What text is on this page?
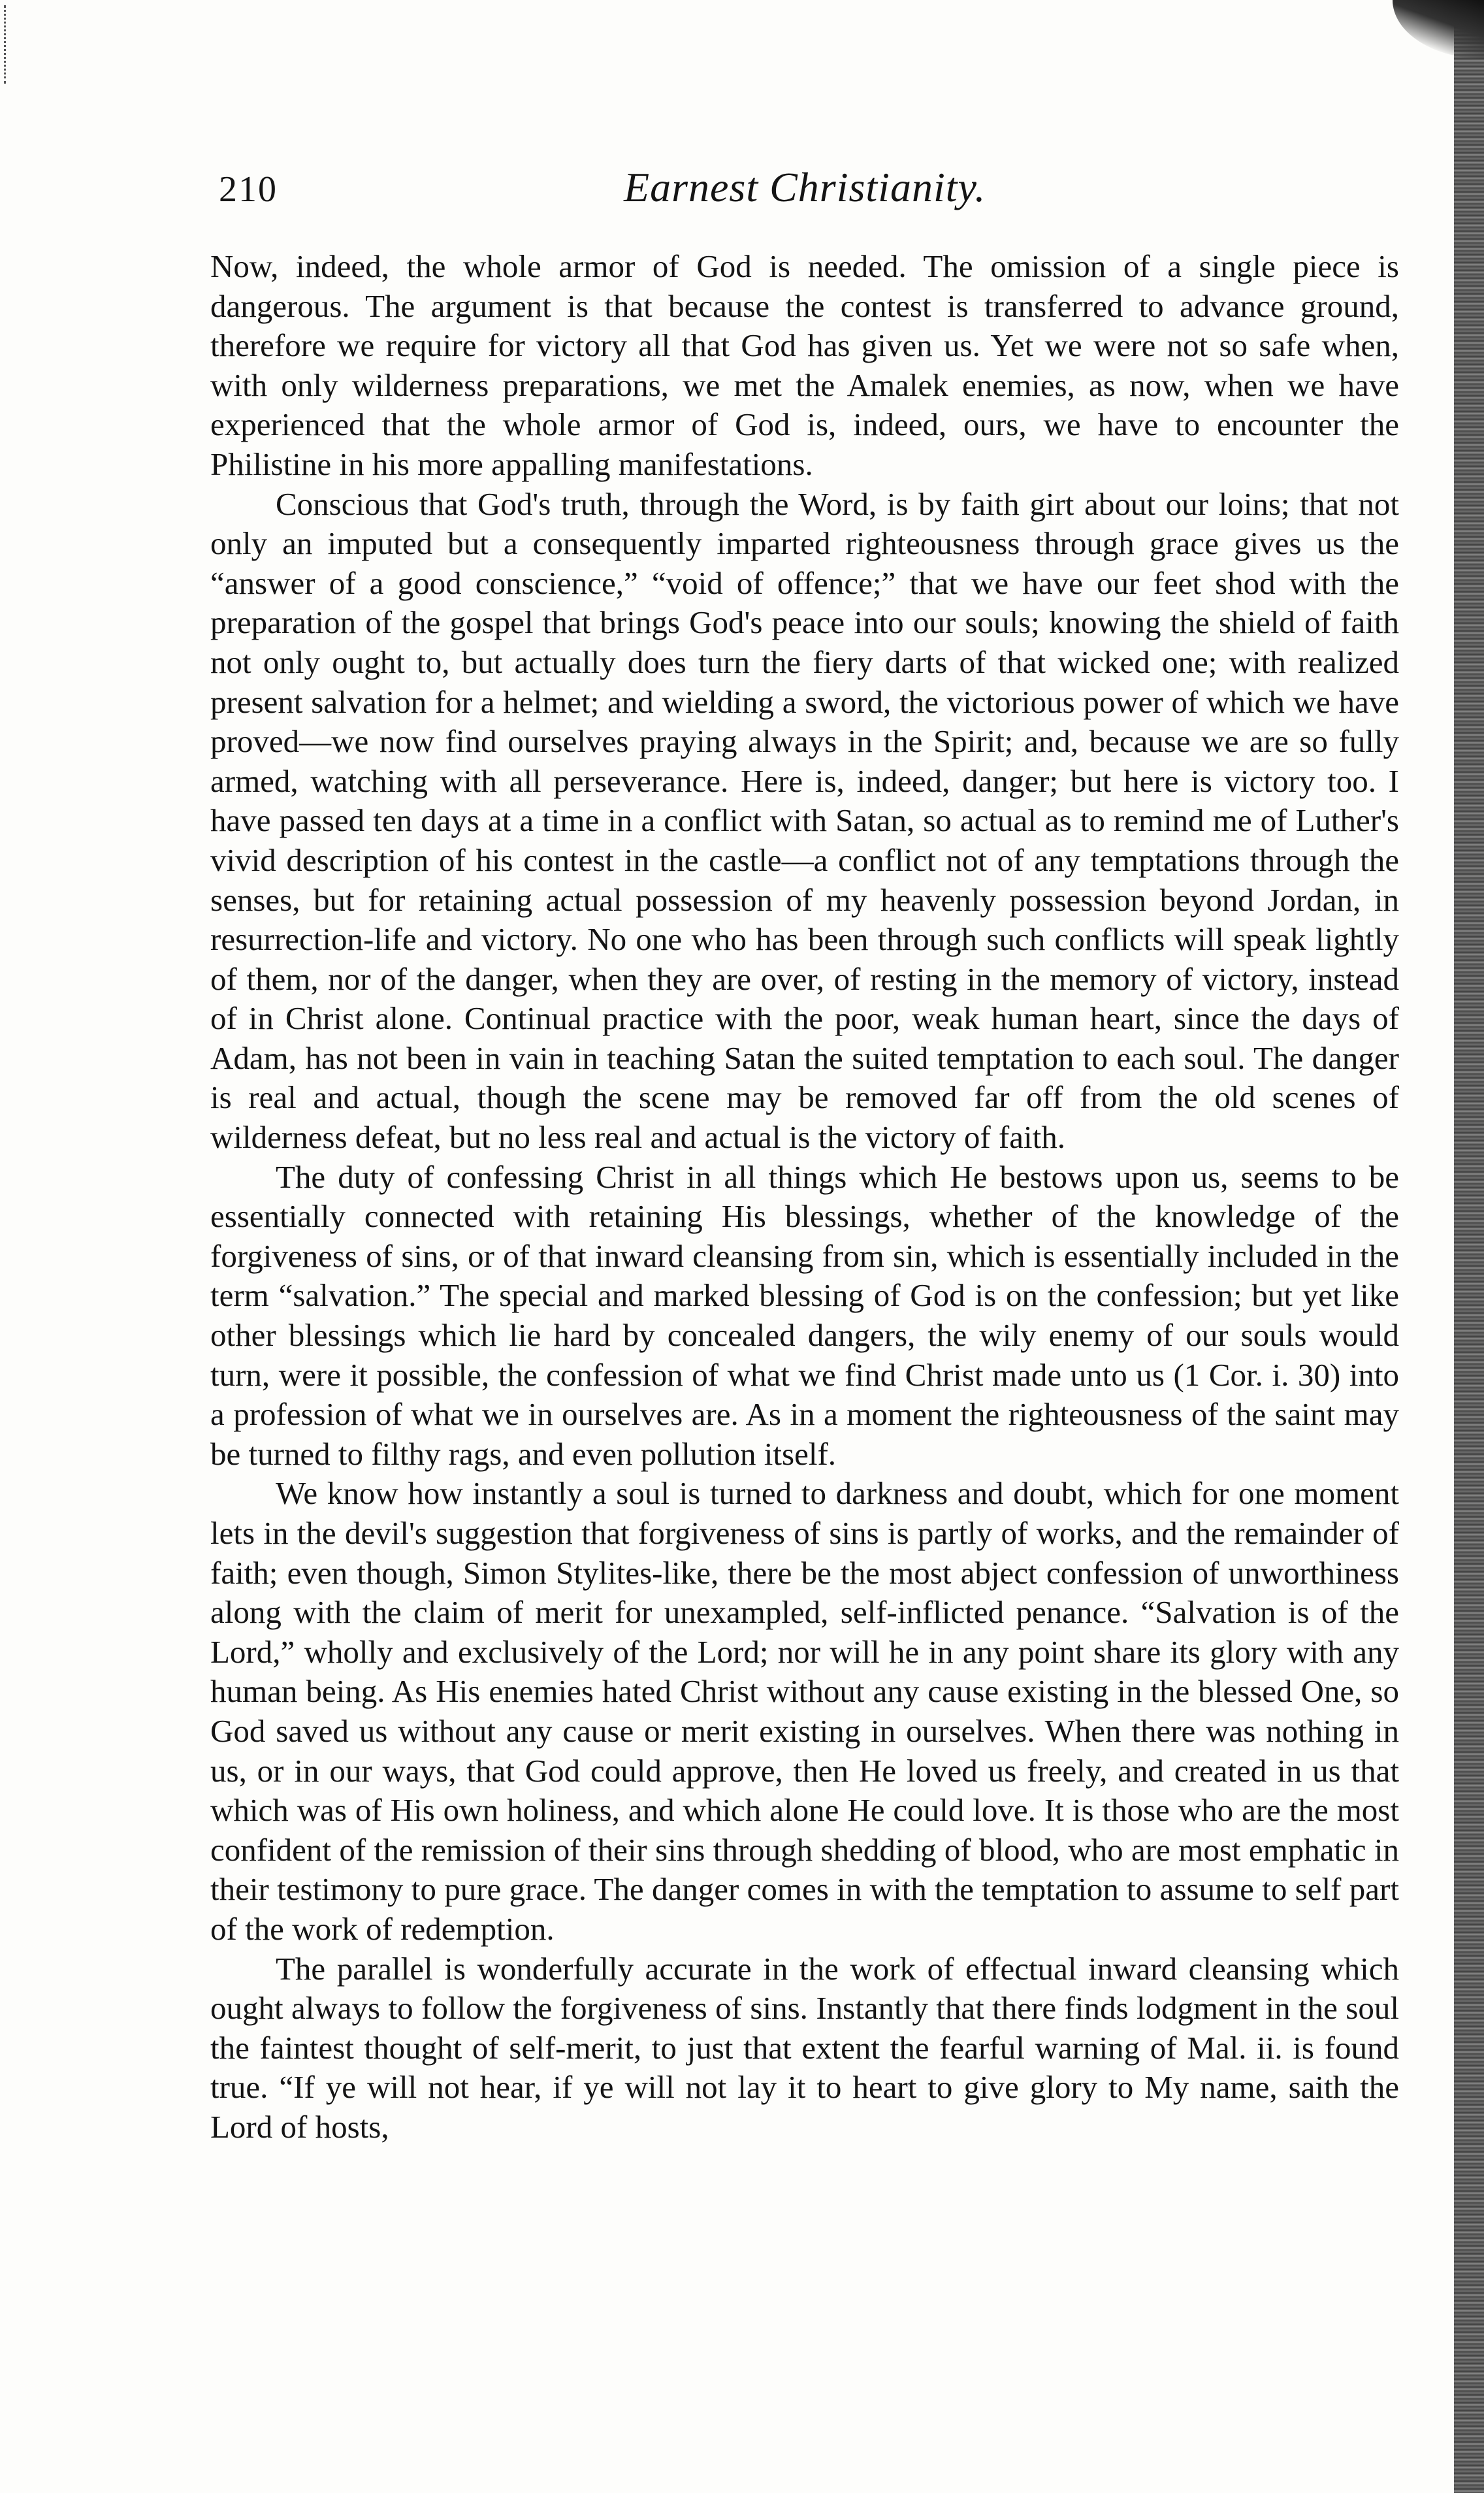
210	Earnest Christianity.

Now, indeed, the whole armor of God is needed. The omission of a single piece is dangerous. The argument is that because the contest is transferred to advance ground, therefore we require for victory all that God has given us. Yet we were not so safe when, with only wilderness preparations, we met the Amalek enemies, as now, when we have experienced that the whole armor of God is, indeed, ours, we have to encounter the Philistine in his more appalling manifestations.

Conscious that God's truth, through the Word, is by faith girt about our loins; that not only an imputed but a consequently imparted righteousness through grace gives us the “answer of a good conscience,” “void of offence;” that we have our feet shod with the preparation of the gospel that brings God's peace into our souls; knowing the shield of faith not only ought to, but actually does turn the fiery darts of that wicked one; with realized present salvation for a helmet; and wielding a sword, the victorious power of which we have proved—we now find ourselves praying always in the Spirit; and, because we are so fully armed, watching with all perseverance. Here is, indeed, danger; but here is victory too. I have passed ten days at a time in a conflict with Satan, so actual as to remind me of Luther's vivid description of his contest in the castle—a conflict not of any temptations through the senses, but for retaining actual possession of my heavenly possession beyond Jordan, in resurrection-life and victory. No one who has been through such conflicts will speak lightly of them, nor of the danger, when they are over, of resting in the memory of victory, instead of in Christ alone. Continual practice with the poor, weak human heart, since the days of Adam, has not been in vain in teaching Satan the suited temptation to each soul. The danger is real and actual, though the scene may be removed far off from the old scenes of wilderness defeat, but no less real and actual is the victory of faith.

The duty of confessing Christ in all things which He bestows upon us, seems to be essentially connected with retaining His blessings, whether of the knowledge of the forgiveness of sins, or of that inward cleansing from sin, which is essentially included in the term “salvation.” The special and marked blessing of God is on the confession; but yet like other blessings which lie hard by concealed dangers, the wily enemy of our souls would turn, were it possible, the confession of what we find Christ made unto us (1 Cor. i. 30) into a profession of what we in ourselves are. As in a moment the righteousness of the saint may be turned to filthy rags, and even pollution itself.

We know how instantly a soul is turned to darkness and doubt, which for one moment lets in the devil's suggestion that forgiveness of sins is partly of works, and the remainder of faith; even though, Simon Stylites-like, there be the most abject confession of unworthiness along with the claim of merit for unexampled, self-inflicted penance. “Salvation is of the Lord,” wholly and exclusively of the Lord; nor will he in any point share its glory with any human being. As His enemies hated Christ without any cause existing in the blessed One, so God saved us without any cause or merit existing in ourselves. When there was nothing in us, or in our ways, that God could approve, then He loved us freely, and created in us that which was of His own holiness, and which alone He could love. It is those who are the most confident of the remission of their sins through shedding of blood, who are most emphatic in their testimony to pure grace. The danger comes in with the temptation to assume to self part of the work of redemption.

The parallel is wonderfully accurate in the work of effectual inward cleansing which ought always to follow the forgiveness of sins. Instantly that there finds lodgment in the soul the faintest thought of self-merit, to just that extent the fearful warning of Mal. ii. is found true. “If ye will not hear, if ye will not lay it to heart to give glory to My name, saith the Lord of hosts,
